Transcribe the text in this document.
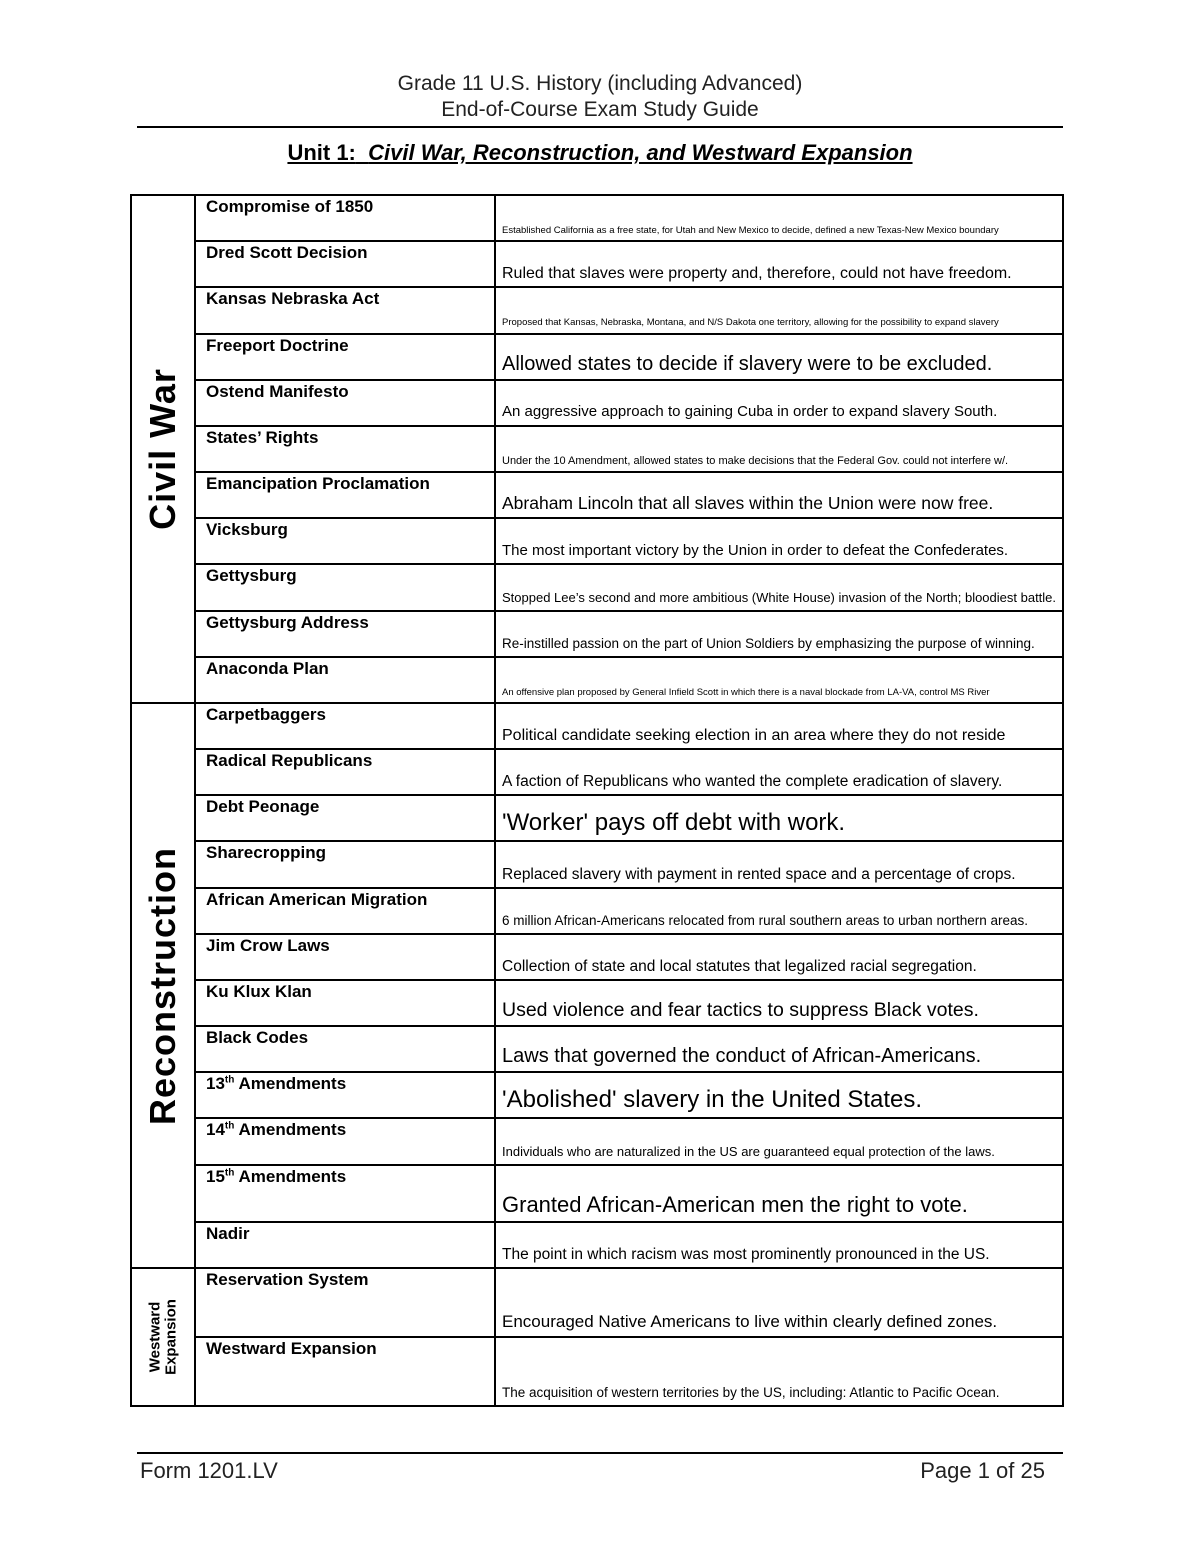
Grade 11 U.S. History (including Advanced)
End-of-Course Exam Study Guide
Unit 1: Civil War, Reconstruction, and Westward Expansion
Civil War	Compromise of 1850	Established California as a free state, for Utah and New Mexico to decide, defined a new Texas-New Mexico boundary
	Dred Scott Decision	Ruled that slaves were property and, therefore, could not have freedom.
	Kansas Nebraska Act	Proposed that Kansas, Nebraska, Montana, and N/S Dakota one territory, allowing for the possibility to expand slavery
	Freeport Doctrine	Allowed states to decide if slavery were to be excluded.
	Ostend Manifesto	An aggressive approach to gaining Cuba in order to expand slavery South.
	States’ Rights	Under the 10 Amendment, allowed states to make decisions that the Federal Gov. could not interfere w/.
	Emancipation Proclamation	Abraham Lincoln that all slaves within the Union were now free.
	Vicksburg	The most important victory by the Union in order to defeat the Confederates.
	Gettysburg	Stopped Lee’s second and more ambitious (White House) invasion of the North; bloodiest battle.
	Gettysburg Address	Re-instilled passion on the part of Union Soldiers by emphasizing the purpose of winning.
	Anaconda Plan	An offensive plan proposed by General Infield Scott in which there is a naval blockade from LA-VA, control MS River

Reconstruction	Carpetbaggers	Political candidate seeking election in an area where they do not reside
	Radical Republicans	A faction of Republicans who wanted the complete eradication of slavery.
	Debt Peonage	'Worker' pays off debt with work.
	Sharecropping	Replaced slavery with payment in rented space and a percentage of crops.
	African American Migration	6 million African-Americans relocated from rural southern areas to urban northern areas.
	Jim Crow Laws	Collection of state and local statutes that legalized racial segregation.
	Ku Klux Klan	Used violence and fear tactics to suppress Black votes.
	Black Codes	Laws that governed the conduct of African-Americans.
	13th Amendments	'Abolished' slavery in the United States.
	14th Amendments	Individuals who are naturalized in the US are guaranteed equal protection of the laws.
	15th Amendments	Granted African-American men the right to vote.
	Nadir	The point in which racism was most prominently pronounced in the US.

Westward
Expansion	Reservation System	Encouraged Native Americans to live within clearly defined zones.
	Westward Expansion	The acquisition of western territories by the US, including: Atlantic to Pacific Ocean.
Form 1201.LV	Page 1 of 25
